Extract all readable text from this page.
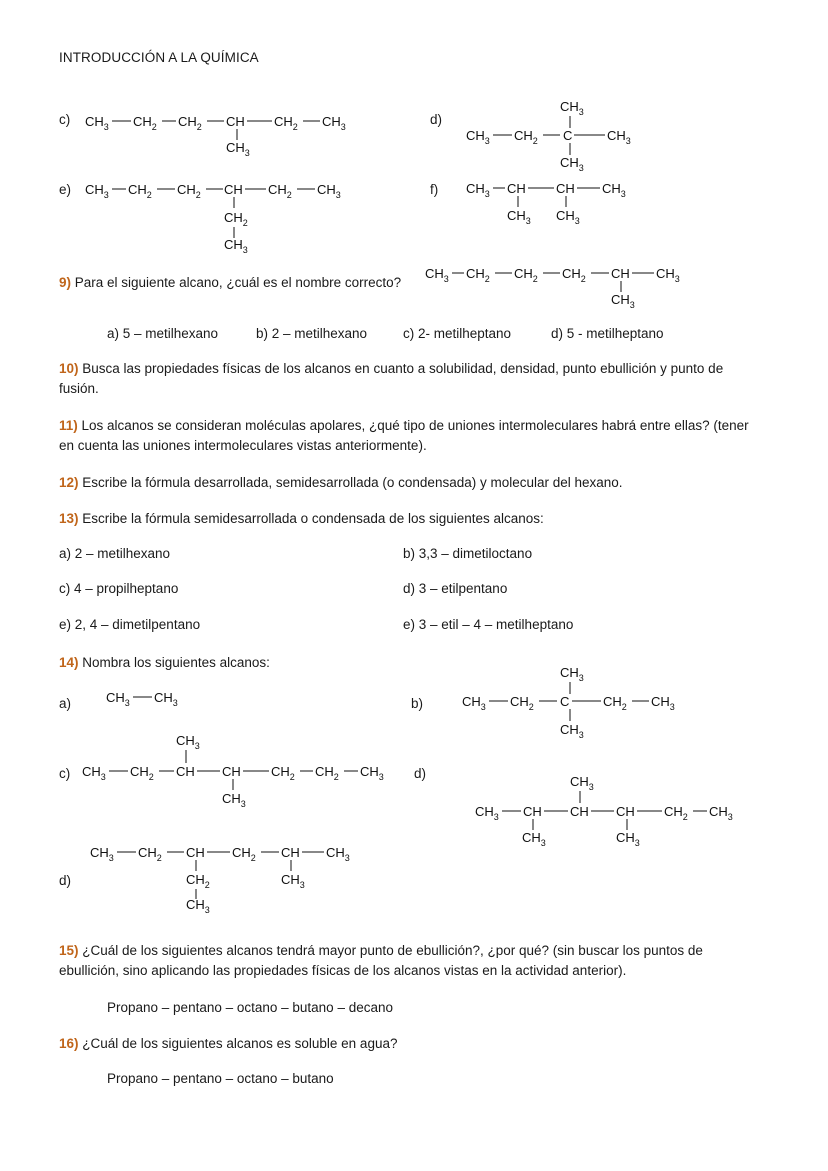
INTRODUCCIÓN A LA QUÍMICA
c)	d)
e)	f)
9) Para el siguiente alcano, ¿cuál es el nombre correcto?
a) 5 – metilhexano	b) 2 – metilhexano	c) 2- metilheptano	d) 5 - metilheptano
10) Busca las propiedades físicas de los alcanos en cuanto a solubilidad, densidad, punto ebullición y punto de fusión.
11) Los alcanos se consideran moléculas apolares, ¿qué tipo de uniones intermoleculares habrá entre ellas? (tener en cuenta las uniones intermoleculares vistas anteriormente).
12) Escribe la fórmula desarrollada, semidesarrollada (o condensada) y molecular del hexano.
13) Escribe la fórmula semidesarrollada o condensada de los siguientes alcanos:
a) 2 – metilhexano	b) 3,3 – dimetiloctano
c) 4 – propilheptano	d) 3 – etilpentano
e) 2, 4 – dimetilpentano	e) 3 – etil – 4 – metilheptano
14) Nombra los siguientes alcanos:
a)	b)
c)	d)
d)
15) ¿Cuál de los siguientes alcanos tendrá mayor punto de ebullición?, ¿por qué? (sin buscar los puntos de ebullición, sino aplicando las propiedades físicas de los alcanos vistas en la actividad anterior).
Propano – pentano – octano – butano – decano
16) ¿Cuál de los siguientes alcanos es soluble en agua?
Propano – pentano – octano – butano
$CH_3$ $CH_2$ $CH_2$ CH
$CH_3$
$CH_2$ $CH_3$
$CH_3$
$CH_3$ $CH_2$ C	$CH_3$
$CH_3$
$CH_3$ $CH_2$ $CH_2$ CH
$CH_2$
$CH_3$
$CH_2$ $CH_3$	$CH_3$ CH
$CH_3$
CH
$CH_3$
$CH_3$
$CH_3$ $CH_2$ $CH_2$ $CH_2$ CH
$CH_3$
$CH_3$
$CH_3$ $CH_3$
$CH_3$
$CH_3$ $CH_2$ C	$CH_2$ $CH_3$
$CH_3$
$CH_3$
$CH_3$ $CH_2$ CH CH
$CH_3$
$CH_2$ $CH_2$ $CH_3$	$CH_3$
$CH_3$ CH
$CH_3$
CH CH
$CH_3$
$CH_2$ $CH_3$
$CH_3$ $CH_2$ CH
$CH_2$
$CH_3$
$CH_2$ CH
$CH_3$
$CH_3$
